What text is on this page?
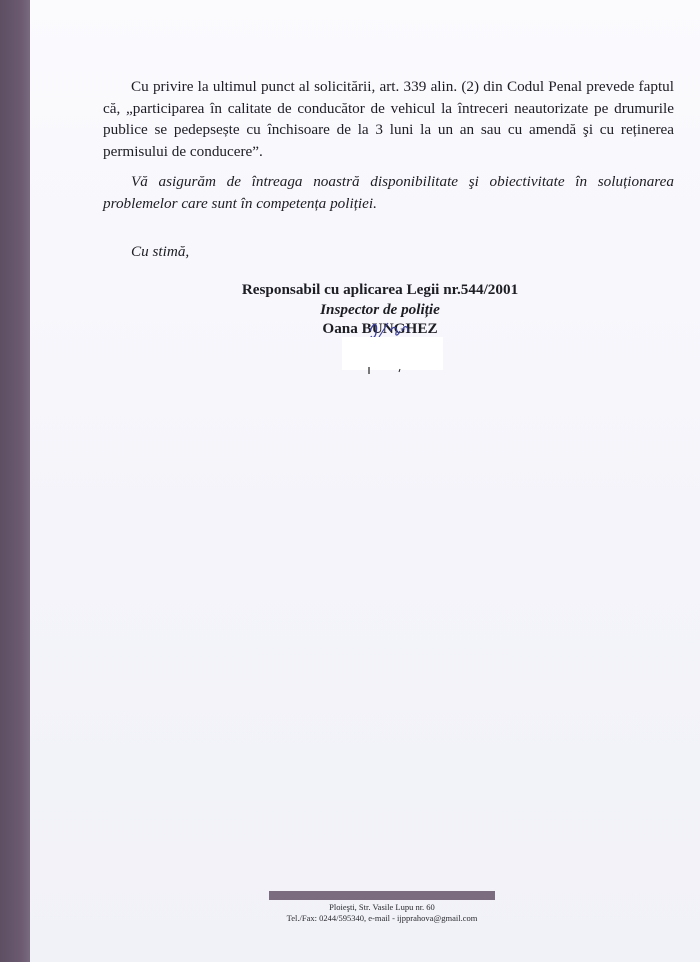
Cu privire la ultimul punct al solicitării, art. 339 alin. (2) din Codul Penal prevede faptul că, „participarea în calitate de conducător de vehicul la întreceri neautorizate pe drumurile publice se pedepsește cu închisoare de la 3 luni la un an sau cu amendă şi cu reținerea permisului de conducere”.

Vă asigurăm de întreaga noastră disponibilitate şi obiectivitate în soluționarea problemelor care sunt în competența poliției.

Cu stimă,

Responsabil cu aplicarea Legii nr.544/2001
Inspector de poliție
Oana BUNGHEZ
Ploieşti, Str. Vasile Lupu nr. 60
Tel./Fax: 0244/595340, e-mail - ijpprahova@gmail.com
